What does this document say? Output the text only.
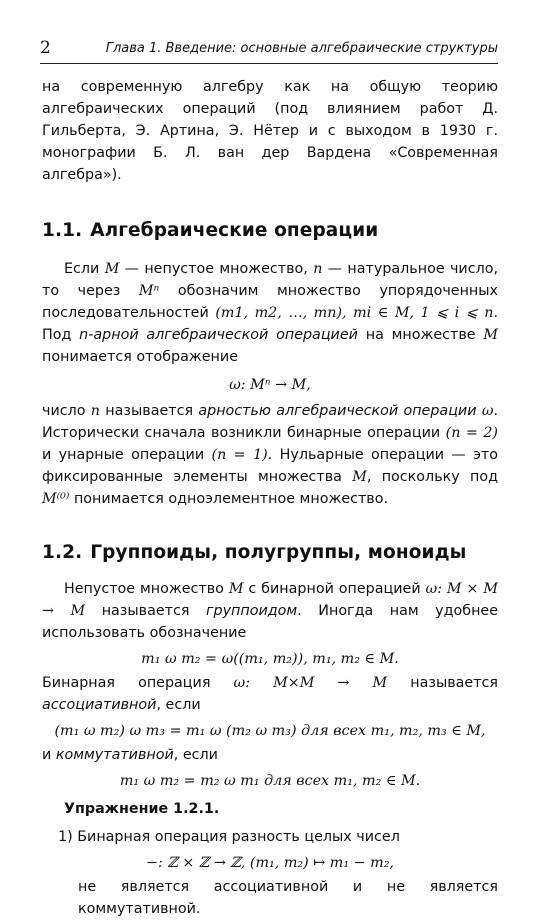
2	Глава 1. Введение: основные алгебраические структуры

на современную алгебру как на общую теорию алгебраических операций (под влиянием работ Д. Гильберта, Э. Артина, Э. Нётер и с выходом в 1930 г. монографии Б. Л. ван дер Вардена «Современная алгебра»).

1.1. Алгебраические операции

Если M — непустое множество, n — натуральное число, то через Mⁿ обозначим множество упорядоченных последовательностей (m1, m2, …, mn), mi ∈ M, 1 ⩽ i ⩽ n. Под n-арной алгебраической операцией на множестве M понимается отображение

ω: Mⁿ → M,

число n называется арностью алгебраической операции ω. Исторически сначала возникли бинарные операции (n = 2) и унарные операции (n = 1). Нульарные операции — это фиксированные элементы множества M, поскольку под M⁽⁰⁾ понимается одноэлементное множество.

1.2. Группоиды, полугруппы, моноиды

Непустое множество M с бинарной операцией ω: M × M → M называется группоидом. Иногда нам удобнее использовать обозначение

m₁ ω m₂ = ω((m₁, m₂)), m₁, m₂ ∈ M.

Бинарная операция ω: M×M → M называется ассоциативной, если

(m₁ ω m₂) ω m₃ = m₁ ω (m₂ ω m₃) для всех m₁, m₂, m₃ ∈ M,

и коммутативной, если

m₁ ω m₂ = m₂ ω m₁ для всех m₁, m₂ ∈ M.
Упражнение 1.2.1.

1) Бинарная операция разность целых чисел

−: ℤ × ℤ → ℤ, (m₁, m₂) ↦ m₁ − m₂,

не является ассоциативной и не является коммутативной.
